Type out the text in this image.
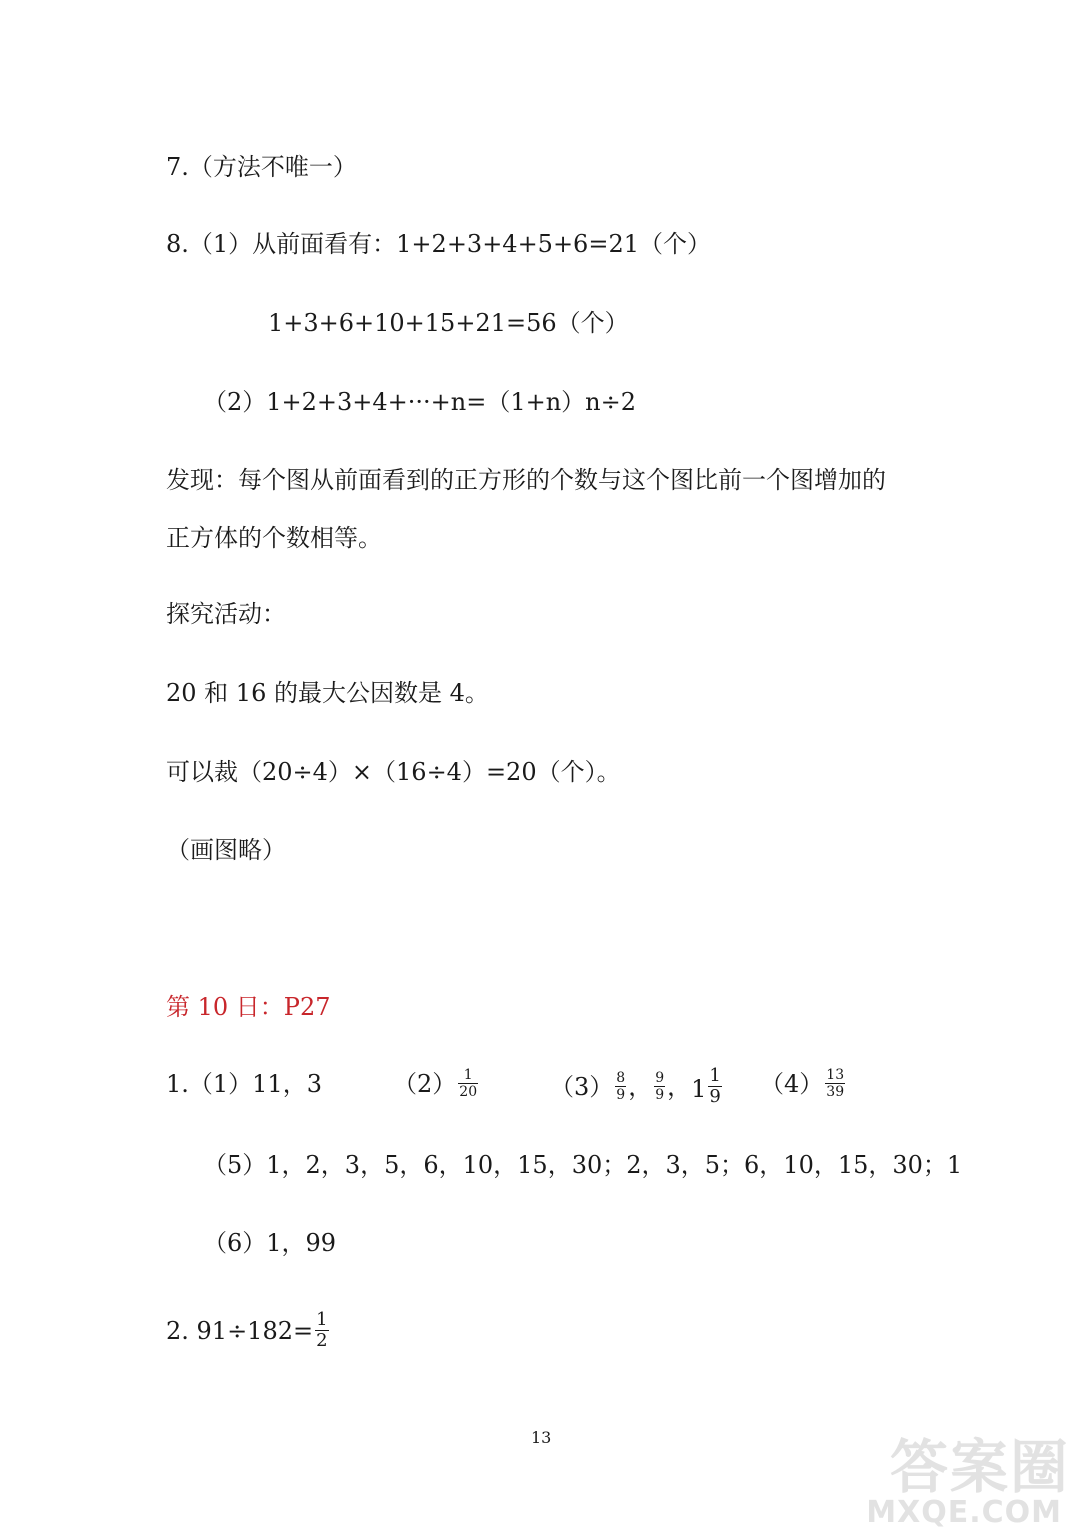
7.（方法不唯一）
8.（1）从前面看有：1+2+3+4+5+6=21（个）
1+3+6+10+15+21=56（个）
（2）1+2+3+4+···+n=（1+n）n÷2
发现：每个图从前面看到的正方形的个数与这个图比前一个图增加的
正方体的个数相等。
探究活动：
20 和 16 的最大公因数是 4。
可以裁（20÷4）×（16÷4）=20（个）。
（画图略）
第 10 日：P27
1.（1）11，3	$(2) \frac{1}{20}$	$(3) \frac{8}{9}$ ， $\frac{9}{9}$ ，$1 \frac{1}{9} (4) \frac{13}{39}$
（5）1，2，3，5，6，10，15，30；2，3，5；6，10，15，30；1
（6）1，99
2. $91\div 182= \frac{1}{2}$
13	答案圈
MXQE.COM
